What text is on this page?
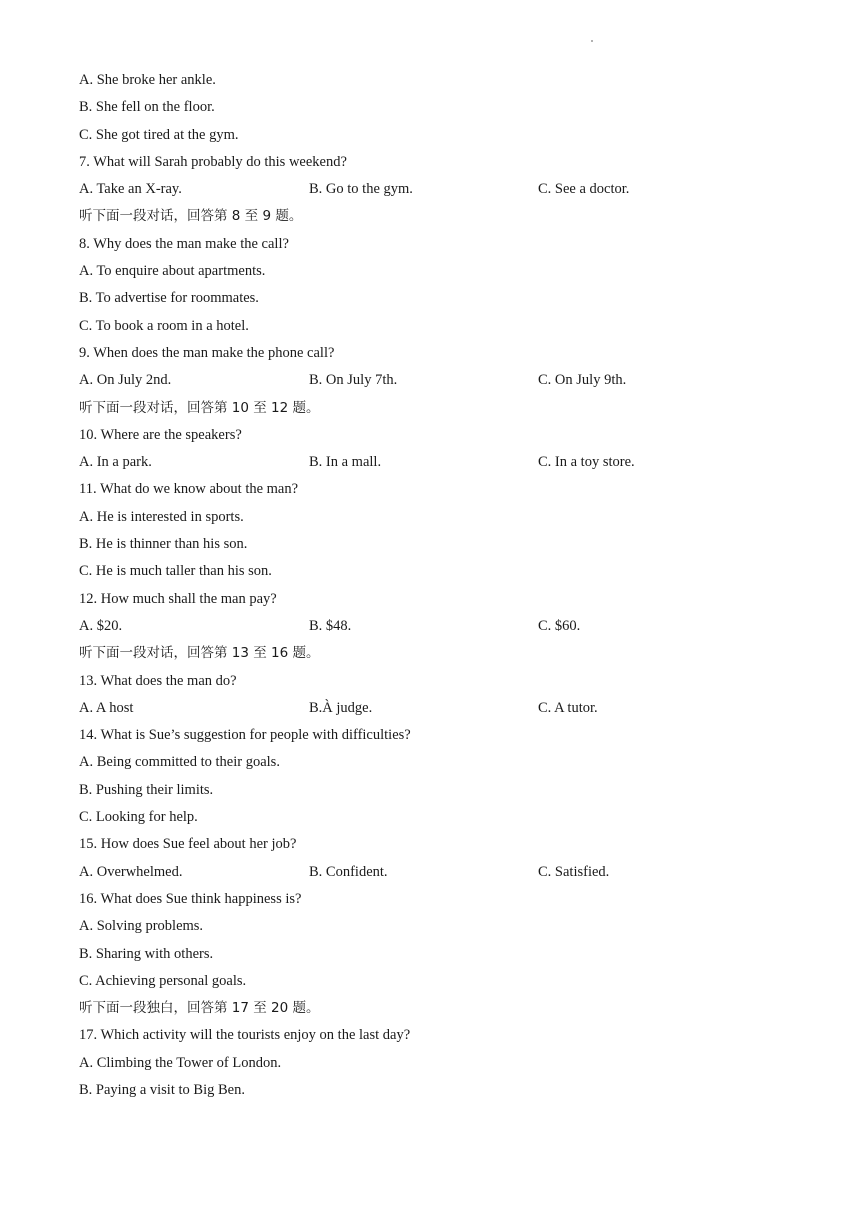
A. She broke her ankle.
B. She fell on the floor.
C. She got tired at the gym.
7. What will Sarah probably do this weekend?
A. Take an X-ray.	B. Go to the gym.	C. See a doctor.
听下面一段对话，回答第 8 至 9 题。
8. Why does the man make the call?
A. To enquire about apartments.
B. To advertise for roommates.
C. To book a room in a hotel.
9. When does the man make the phone call?
A. On July 2nd.	B. On July 7th.	C. On July 9th.
听下面一段对话，回答第 10 至 12 题。
10. Where are the speakers?
A. In a park.	B. In a mall.	C. In a toy store.
11. What do we know about the man?
A. He is interested in sports.
B. He is thinner than his son.
C. He is much taller than his son.
12. How much shall the man pay?
A. $20.	B. $48.	C. $60.
听下面一段对话，回答第 13 至 16 题。
13. What does the man do?
A. A host	B.À judge.	C. A tutor.
14. What is Sue’s suggestion for people with difficulties?
A. Being committed to their goals.
B. Pushing their limits.
C. Looking for help.
15. How does Sue feel about her job?
A. Overwhelmed.	B. Confident.	C. Satisfied.
16. What does Sue think happiness is?
A. Solving problems.
B. Sharing with others.
C. Achieving personal goals.
听下面一段独白，回答第 17 至 20 题。
17. Which activity will the tourists enjoy on the last day?
A. Climbing the Tower of London.
B. Paying a visit to Big Ben.
